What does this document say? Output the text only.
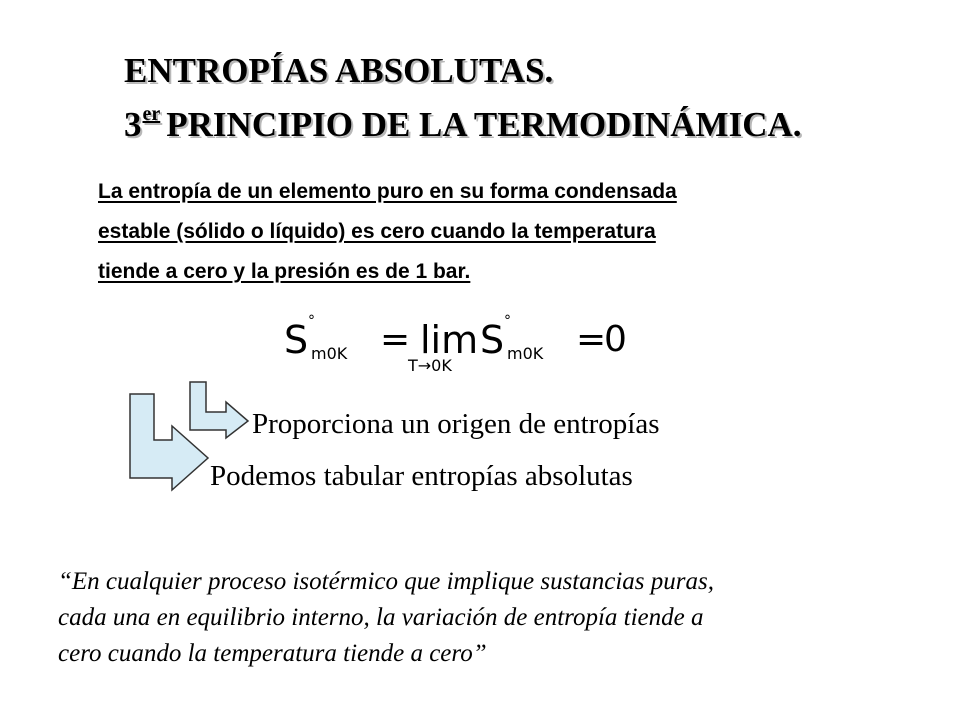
ENTROPÍAS ABSOLUTAS.
3er PRINCIPIO DE LA TERMODINÁMICA.
La entropía de un elemento puro en su forma condensada
estable (sólido o líquido) es cero cuando la temperatura
tiende a cero y la presión es de 1 bar.
S °
m0K = lim
T→0K
S °
m0K =
0
Proporciona un origen de entropías
Podemos tabular entropías absolutas
“En cualquier proceso isotérmico que implique sustancias puras,
cada una en equilibrio interno, la variación de entropía tiende a
cero cuando la temperatura tiende a cero”
